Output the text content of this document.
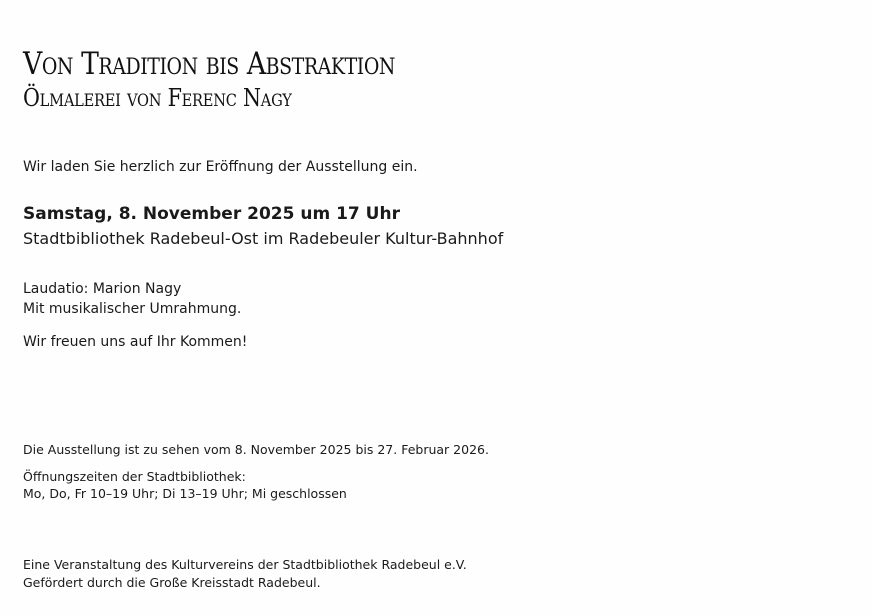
Von Tradition bis Abstraktion
Ölmalerei von Ferenc Nagy
Wir laden Sie herzlich zur Eröffnung der Ausstellung ein.
Samstag, 8. November 2025 um 17 Uhr
Stadtbibliothek Radebeul-Ost im Radebeuler Kultur-Bahnhof
Laudatio: Marion Nagy
Mit musikalischer Umrahmung.
Wir freuen uns auf Ihr Kommen!
Die Ausstellung ist zu sehen vom 8. November 2025 bis 27. Februar 2026.
Öffnungszeiten der Stadtbibliothek:
Mo, Do, Fr 10–19 Uhr; Di 13–19 Uhr; Mi geschlossen
Eine Veranstaltung des Kulturvereins der Stadtbibliothek Radebeul e.V.
Gefördert durch die Große Kreisstadt Radebeul.
